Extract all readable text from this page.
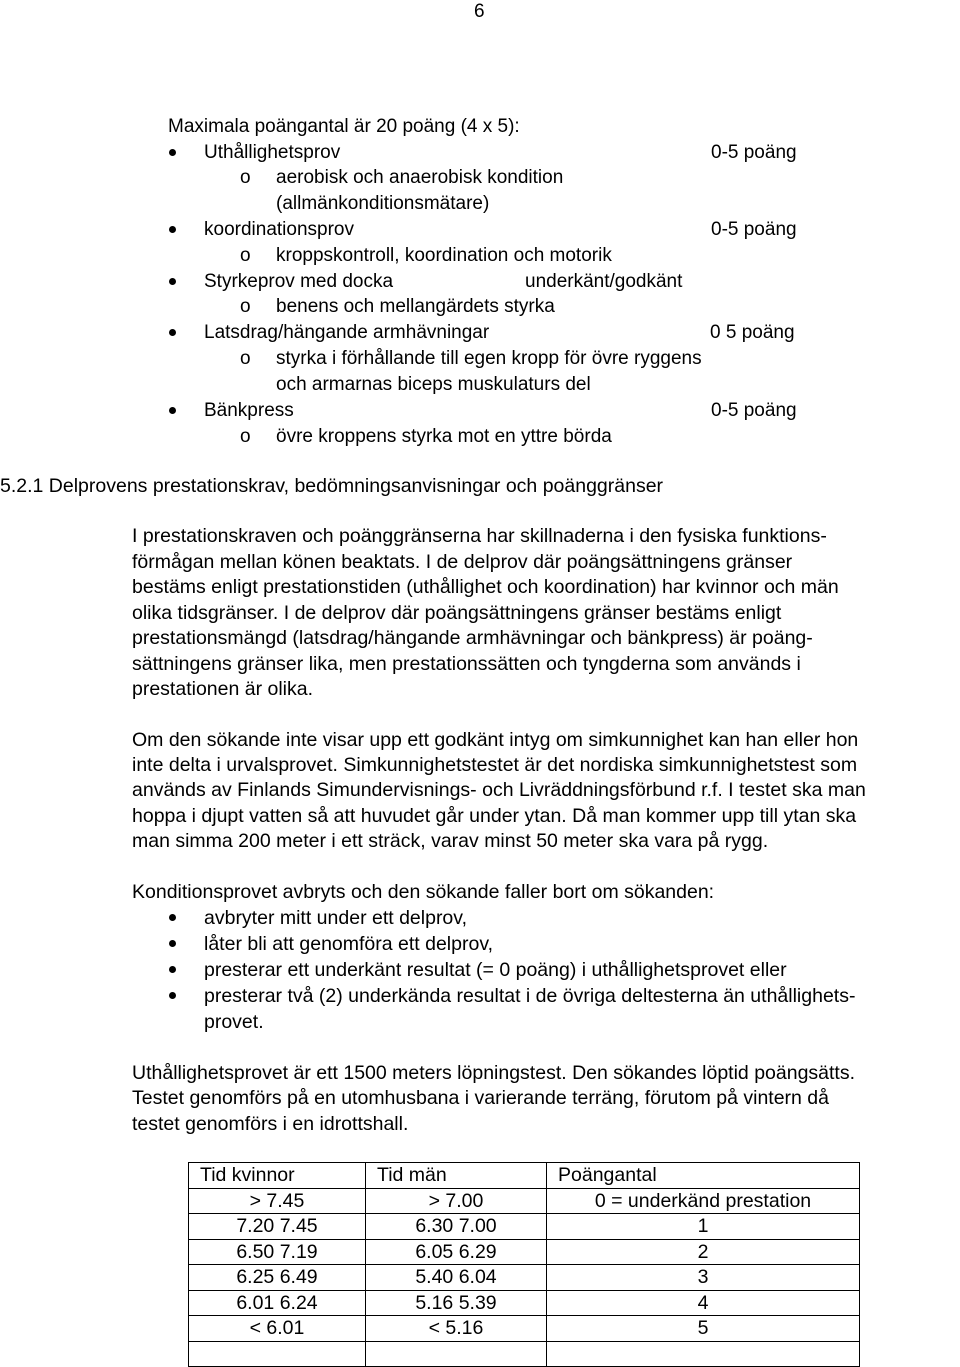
6
Maximala poängantal är 20 poäng (4 x 5):
Uthållighetsprov	0-5 poäng
o aerobisk och anaerobisk kondition
(allmänkonditionsmätare)
koordinationsprov	0-5 poäng
o kroppskontroll, koordination och motorik
Styrkeprov med docka	underkänt/godkänt
o benens och mellangärdets styrka
Latsdrag/hängande armhävningar	0 5 poäng
o styrka i förhållande till egen kropp för övre ryggens
och armarnas biceps muskulaturs del
Bänkpress	0-5 poäng
o övre kroppens styrka mot en yttre börda
5.2.1 Delprovens prestationskrav, bedömningsanvisningar och poänggränser
I prestationskraven och poänggränserna har skillnaderna i den fysiska funktions-
förmågan mellan könen beaktats. I de delprov där poängsättningens gränser
bestäms enligt prestationstiden (uthållighet och koordination) har kvinnor och män
olika tidsgränser. I de delprov där poängsättningens gränser bestäms enligt
prestationsmängd (latsdrag/hängande armhävningar och bänkpress) är poäng-
sättningens gränser lika, men prestationssätten och tyngderna som används i
prestationen är olika.
Om den sökande inte visar upp ett godkänt intyg om simkunnighet kan han eller hon
inte delta i urvalsprovet. Simkunnighetstestet är det nordiska simkunnighetstest som
används av Finlands Simundervisnings- och Livräddningsförbund r.f. I testet ska man
hoppa i djupt vatten så att huvudet går under ytan. Då man kommer upp till ytan ska
man simma 200 meter i ett sträck, varav minst 50 meter ska vara på rygg.
Konditionsprovet avbryts och den sökande faller bort om sökanden:
avbryter mitt under ett delprov,
låter bli att genomföra ett delprov,
presterar ett underkänt resultat (= 0 poäng) i uthållighetsprovet eller
presterar två (2) underkända resultat i de övriga deltesterna än uthållighets-
provet.
Uthållighetsprovet är ett 1500 meters löpningstest. Den sökandes löptid poängsätts.
Testet genomförs på en utomhusbana i varierande terräng, förutom på vintern då
testet genomförs i en idrottshall.
Tid kvinnor	Tid män	Poängantal
> 7.45	> 7.00	0 = underkänd prestation
7.20 7.45	6.30 7.00	1
6.50 7.19	6.05 6.29	2
6.25 6.49	5.40 6.04	3
6.01 6.24	5.16 5.39	4
< 6.01	< 5.16	5
